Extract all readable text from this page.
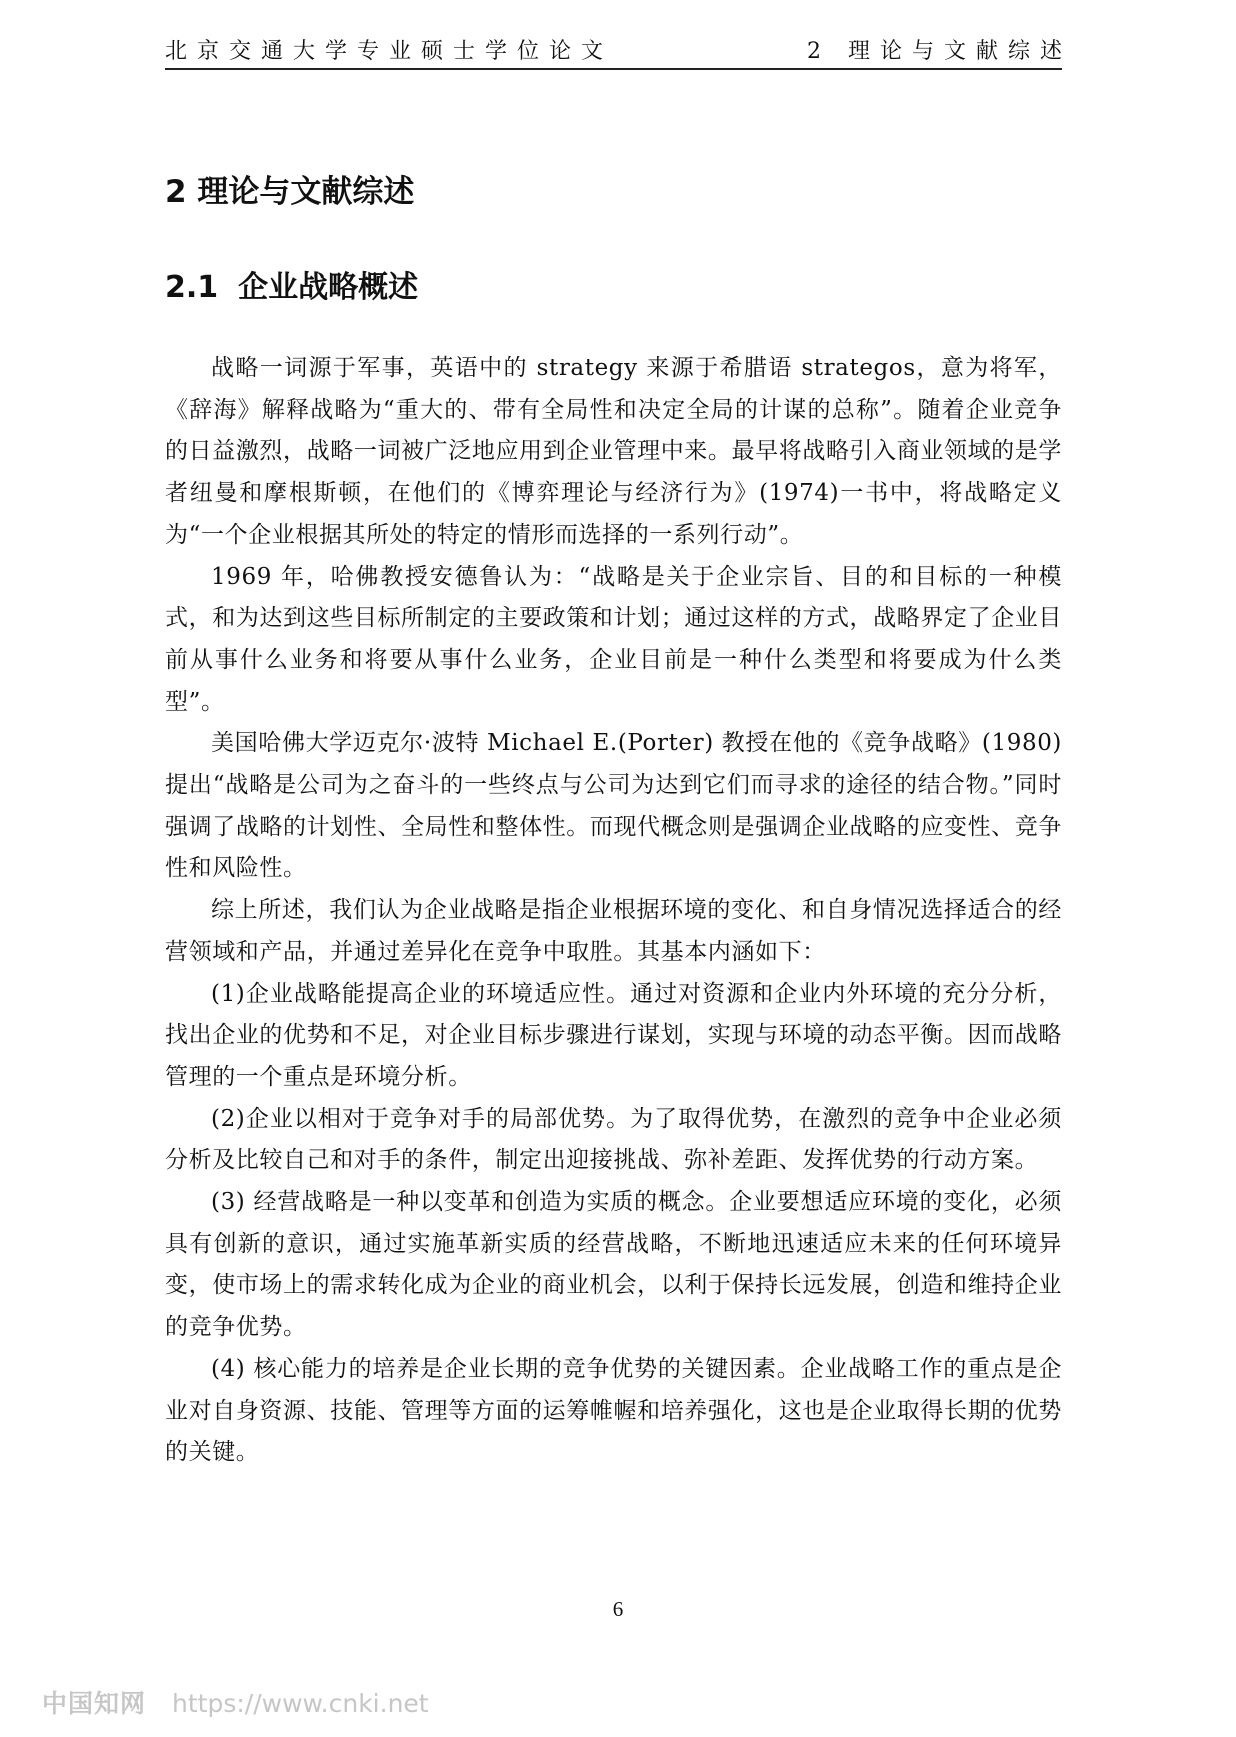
北京交通大学专业硕士学位论文	2 理论与文献综述
2 理论与文献综述
2.1 企业战略概述

战略一词源于军事，英语中的 strategy 来源于希腊语 strategos，意为将军，《辞海》解释战略为“重大的、带有全局性和决定全局的计谋的总称”。随着企业竞争的日益激烈，战略一词被广泛地应用到企业管理中来。最早将战略引入商业领域的是学者纽曼和摩根斯顿，在他们的《博弈理论与经济行为》(1974)一书中，将战略定义为“一个企业根据其所处的特定的情形而选择的一系列行动”。

1969 年，哈佛教授安德鲁认为：“战略是关于企业宗旨、目的和目标的一种模式，和为达到这些目标所制定的主要政策和计划；通过这样的方式，战略界定了企业目前从事什么业务和将要从事什么业务，企业目前是一种什么类型和将要成为什么类型”。

美国哈佛大学迈克尔·波特 Michael E.(Porter) 教授在他的《竞争战略》(1980)提出“战略是公司为之奋斗的一些终点与公司为达到它们而寻求的途径的结合物。”同时强调了战略的计划性、全局性和整体性。而现代概念则是强调企业战略的应变性、竞争性和风险性。

综上所述，我们认为企业战略是指企业根据环境的变化、和自身情况选择适合的经营领域和产品，并通过差异化在竞争中取胜。其基本内涵如下：

(1)企业战略能提高企业的环境适应性。通过对资源和企业内外环境的充分分析，找出企业的优势和不足，对企业目标步骤进行谋划，实现与环境的动态平衡。因而战略管理的一个重点是环境分析。

(2)企业以相对于竞争对手的局部优势。为了取得优势，在激烈的竞争中企业必须分析及比较自己和对手的条件，制定出迎接挑战、弥补差距、发挥优势的行动方案。

(3) 经营战略是一种以变革和创造为实质的概念。企业要想适应环境的变化，必须具有创新的意识，通过实施革新实质的经营战略，不断地迅速适应未来的任何环境异变，使市场上的需求转化成为企业的商业机会，以利于保持长远发展，创造和维持企业的竞争优势。

(4) 核心能力的培养是企业长期的竞争优势的关键因素。企业战略工作的重点是企业对自身资源、技能、管理等方面的运筹帷幄和培养强化，这也是企业取得长期的优势的关键。

6

中国知网 https://www.cnki.net
